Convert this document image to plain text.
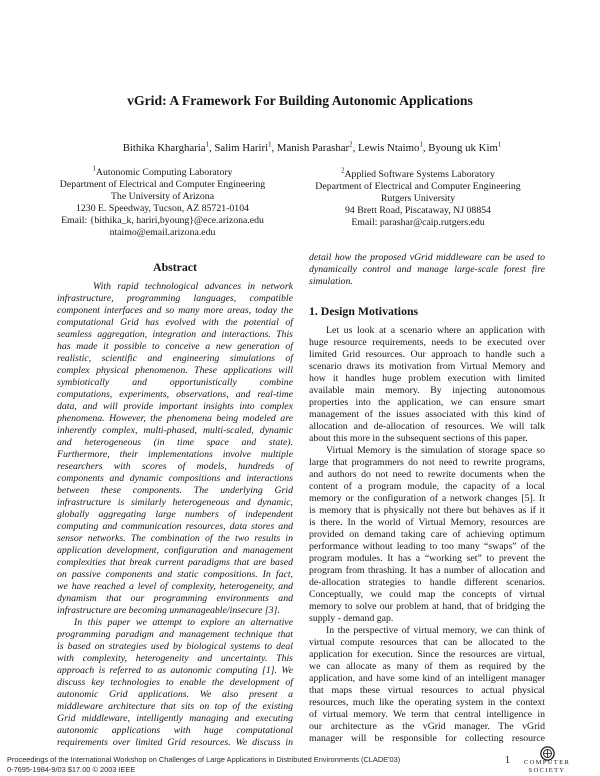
vGrid: A Framework For Building Autonomic Applications
Bithika Khargharia$^1$, Salim Hariri$^1$, Manish Parashar$^2$, Lewis Ntaimo$^1$, Byoung uk Kim$^1$
$^1$Autonomic Computing Laboratory
Department of Electrical and Computer Engineering
The University of Arizona
1230 E. Speedway, Tucson, AZ 85721-0104
Email: {bithika_k, hariri,byoung}@ece.arizona.edu
ntaimo@email.arizona.edu
$^2$Applied Software Systems Laboratory
Department of Electrical and Computer Engineering
Rutgers University
94 Brett Road, Piscataway, NJ 08854
Email: parashar@caip.rutgers.edu
Abstract
With rapid technological advances in network
infrastructure, programming languages, compatible
component interfaces and so many more areas, today the
computational Grid has evolved with the potential of
seamless aggregation, integration and interactions. This
has made it possible to conceive a new generation of
realistic, scientific and engineering simulations of
complex physical phenomenon. These applications will
symbiotically and opportunistically combine
computations, experiments, observations, and real-time
data, and will provide important insights into complex
phenomena. However, the phenomena being modeled are
inherently complex, multi-phased, multi-scaled, dynamic
and heterogeneous (in time space and state).
Furthermore, their implementations involve multiple
researchers with scores of models, hundreds of
components and dynamic compositions and interactions
between these components. The underlying Grid
infrastructure is similarly heterogeneous and dynamic,
globally aggregating large numbers of independent
computing and communication resources, data stores and
sensor networks. The combination of the two results in
application development, configuration and management
complexities that break current paradigms that are based
on passive components and static compositions. In fact,
we have reached a level of complexity, heterogeneity, and
dynamism that our programming environments and
infrastructure are becoming unmanageable/insecure [3].
In this paper we attempt to explore an alternative
programming paradigm and management technique that
is based on strategies used by biological systems to deal
with complexity, heterogeneity and uncertainty. This
approach is referred to as autonomic computing [1]. We
discuss key technologies to enable the development of
autonomic Grid applications. We also present a
middleware architecture that sits on top of the existing
Grid middleware, intelligently managing and executing
autonomic applications with huge computational
requirements over limited Grid resources. We discuss in
detail how the proposed vGrid middleware can be used to
dynamically control and manage large-scale forest fire
simulation.
1. Design Motivations
Let us look at a scenario where an application with
huge resource requirements, needs to be executed over
limited Grid resources. Our approach to handle such a
scenario draws its motivation from Virtual Memory and
how it handles huge problem execution with limited
available main memory. By injecting autonomous
properties into the application, we can ensure smart
management of the issues associated with this kind of
allocation and de-allocation of resources. We will talk
about this more in the subsequent sections of this paper.
Virtual Memory is the simulation of storage space so
large that programmers do not need to rewrite programs,
and authors do not need to rewrite documents when the
content of a program module, the capacity of a local
memory or the configuration of a network changes [5]. It
is memory that is physically not there but behaves as if it
is there. In the world of Virtual Memory, resources are
provided on demand taking care of achieving optimum
performance without leading to too many “swaps” of the
program modules. It has a “working set” to prevent the
program from thrashing. It has a number of allocation and
de-allocation strategies to handle different scenarios.
Conceptually, we could map the concepts of virtual
memory to solve our problem at hand, that of bridging the
supply - demand gap.
In the perspective of virtual memory, we can think of
virtual compute resources that can be allocated to the
application for execution. Since the resources are virtual,
we can allocate as many of them as required by the
application, and have some kind of an intelligent manager
that maps these virtual resources to actual physical
resources, much like the operating system in the context
of virtual memory. We term that central intelligence in
our architecture as the vGrid manager. The vGrid
manager will be responsible for collecting resource
1
Proceedings of the International Workshop on Challenges of Large Applications in Distributed Environments (CLADE'03)
0-7695-1984-9/03 $17.00 © 2003 IEEE
COMPUTER
SOCIETY
